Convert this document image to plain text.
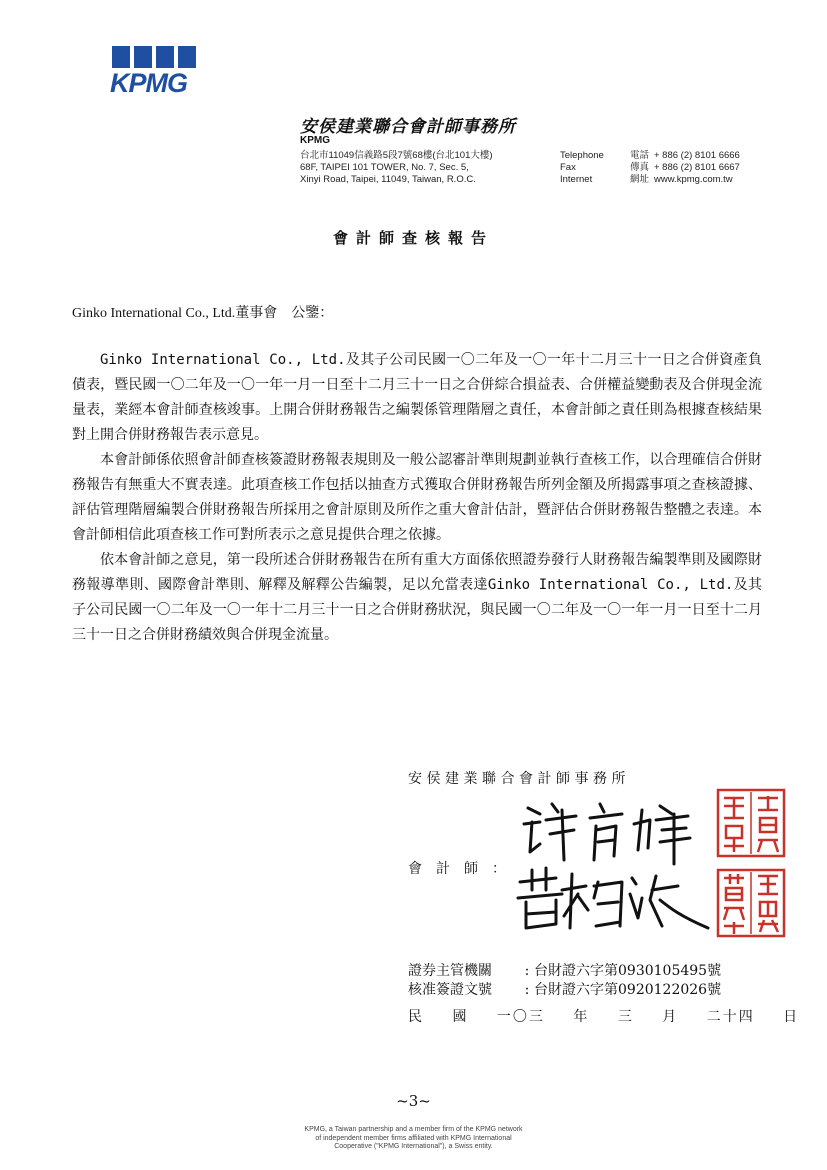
KPMG
安侯建業聯合會計師事務所
KPMG
台北市11049信義路5段7號68樓(台北101大樓)
68F, TAIPEI 101 TOWER, No. 7, Sec. 5,
Xinyi Road, Taipei, 11049, Taiwan, R.O.C.
Telephone	電話 + 886 (2) 8101 6666
Fax	傳真 + 886 (2) 8101 6667
Internet	網址 www.kpmg.com.tw
會計師查核報告
Ginko International Co., Ltd.董事會　公鑒：

Ginko International Co., Ltd.及其子公司民國一〇二年及一〇一年十二月三十一日之合併資產負債表，暨民國一〇二年及一〇一年一月一日至十二月三十一日之合併綜合損益表、合併權益變動表及合併現金流量表，業經本會計師查核竣事。上開合併財務報告之編製係管理階層之責任，本會計師之責任則為根據查核結果對上開合併財務報告表示意見。

本會計師係依照會計師查核簽證財務報表規則及一般公認審計準則規劃並執行查核工作，以合理確信合併財務報告有無重大不實表達。此項查核工作包括以抽查方式獲取合併財務報告所列金額及所揭露事項之查核證據、評估管理階層編製合併財務報告所採用之會計原則及所作之重大會計估計，暨評估合併財務報告整體之表達。本會計師相信此項查核工作可對所表示之意見提供合理之依據。

依本會計師之意見，第一段所述合併財務報告在所有重大方面係依照證券發行人財務報告編製準則及國際財務報導準則、國際會計準則、解釋及解釋公告編製，足以允當表達Ginko International Co., Ltd.及其子公司民國一〇二年及一〇一年十二月三十一日之合併財務狀況，與民國一〇二年及一〇一年一月一日至十二月三十一日之合併財務績效與合併現金流量。

安侯建業聯合會計師事務所
會計師：
證券主管機關 : 台財證六字第0930105495號
核准簽證文號 : 台財證六字第0920122026號
民 國 一〇三 年 三 月 二十四 日
~3~
KPMG, a Taiwan partnership and a member firm of the KPMG network
of independent member firms affiliated with KPMG International
Cooperative ("KPMG International"), a Swiss entity.
